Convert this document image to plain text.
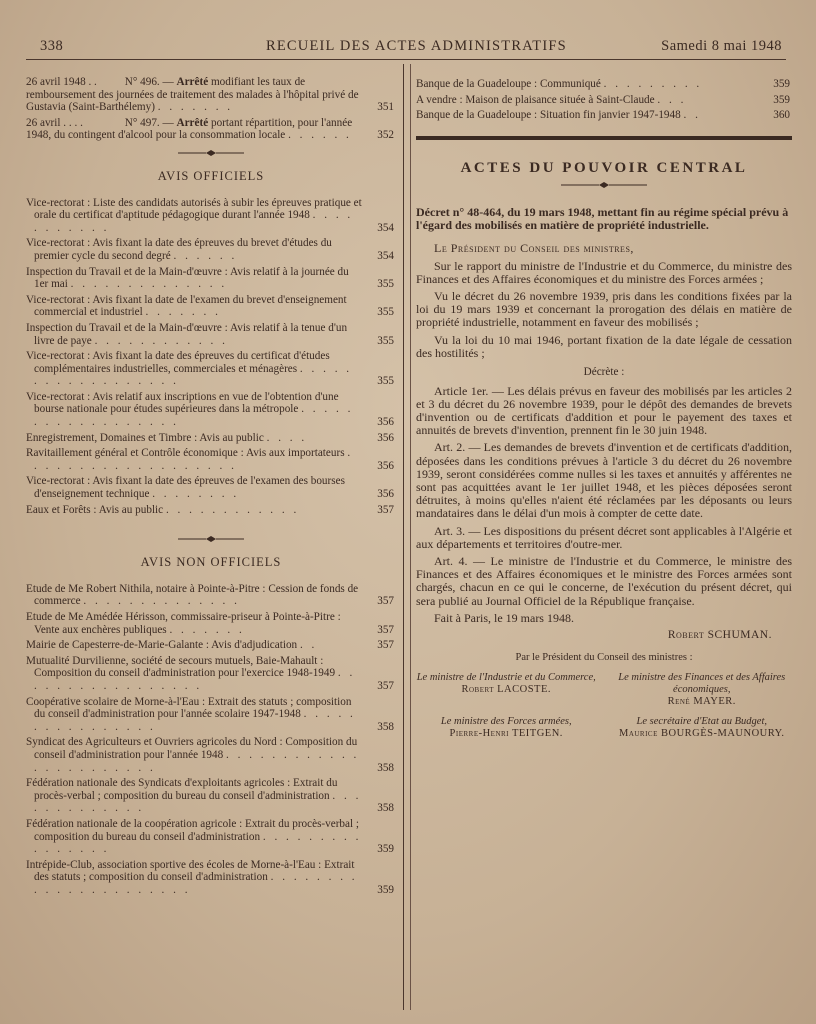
338	RECUEIL DES ACTES ADMINISTRATIFS	Samedi 8 mai 1948
26 avril 1948 . . N° 496. — Arrêté modifiant les taux de remboursement des journées de traitement des malades à l'hôpital privé de Gustavia (Saint-Barthélemy) . . . . . . .	351
26 avril . . . .	N° 497. — Arrêté portant répartition, pour l'année 1948, du contingent d'alcool pour la consommation locale . . . . . .	352
AVIS OFFICIELS
Vice-rectorat : Liste des candidats autorisés à subir les épreuves pratique et orale du certificat d'aptitude pédagogique durant l'année 1948 . . . . . . . . . . .	354
Vice-rectorat : Avis fixant la date des épreuves du brevet d'études du premier cycle du second degré . . . . . .	354
Inspection du Travail et de la Main-d'œuvre : Avis relatif à la journée du 1er mai . . . . . . . . . . . . . .	355
Vice-rectorat : Avis fixant la date de l'examen du brevet d'enseignement commercial et industriel . . . . . . .	355
Inspection du Travail et de la Main-d'œuvre : Avis relatif à la tenue d'un livre de paye . . . . . . . . . . . .	355
Vice-rectorat : Avis fixant la date des épreuves du certificat d'études complémentaires industrielles, commerciales et ménagères . . . . . . . . . . . . . . . . . .	355
Vice-rectorat : Avis relatif aux inscriptions en vue de l'obtention d'une bourse nationale pour études supérieures dans la métropole . . . . . . . . . . . . . . . . . .	356
Enregistrement, Domaines et Timbre : Avis au public . . . .	356
Ravitaillement général et Contrôle économique : Avis aux importateurs . . . . . . . . . . . . . . . . . . .	356
Vice-rectorat : Avis fixant la date des épreuves de l'examen des bourses d'enseignement technique . . . . . . . .	356
Eaux et Forêts : Avis au public . . . . . . . . . . . .	357
AVIS NON OFFICIELS
Etude de Me Robert Nithila, notaire à Pointe-à-Pitre : Cession de fonds de commerce . . . . . . . . . . . . . .	357
Etude de Me Amédée Hérisson, commissaire-priseur à Pointe-à-Pitre : Vente aux enchères publiques . . . . . . .	357
Mairie de Capesterre-de-Marie-Galante : Avis d'adjudication . .	357
Mutualité Durvilienne, société de secours mutuels, Baie-Mahault : Composition du conseil d'administration pour l'exercice 1948-1949 . . . . . . . . . . . . . . . . .	357
Coopérative scolaire de Morne-à-l'Eau : Extrait des statuts ; composition du conseil d'administration pour l'année scolaire 1947-1948 . . . . . . . . . . . . . . . .	358
Syndicat des Agriculteurs et Ouvriers agricoles du Nord : Composition du conseil d'administration pour l'année 1948 . . . . . . . . . . . . . . . . . . . . . . .	358
Fédération nationale des Syndicats d'exploitants agricoles : Extrait du procès-verbal ; composition du bureau du conseil d'administration . . . . . . . . . . . . .	358
Fédération nationale de la coopération agricole : Extrait du procès-verbal ; composition du bureau du conseil d'administration . . . . . . . . . . . . . . . .	359
Intrépide-Club, association sportive des écoles de Morne-à-l'Eau : Extrait des statuts ; composition du conseil d'administration . . . . . . . . . . . . . . . . . . . . . .	359
Banque de la Guadeloupe : Communiqué . . . . . . . . .	359
A vendre : Maison de plaisance située à Saint-Claude . . .	359
Banque de la Guadeloupe : Situation fin janvier 1947-1948 . .	360
ACTES DU POUVOIR CENTRAL
Décret n° 48-464, du 19 mars 1948, mettant fin au régime spécial prévu à l'égard des mobilisés en matière de propriété industrielle.
Le Président du Conseil des ministres,
Sur le rapport du ministre de l'Industrie et du Commerce, du ministre des Finances et des Affaires économiques et du ministre des Forces armées ;
Vu le décret du 26 novembre 1939, pris dans les conditions fixées par la loi du 19 mars 1939 et concernant la prorogation des délais en matière de propriété industrielle, notamment en faveur des mobilisés ;
Vu la loi du 10 mai 1946, portant fixation de la date légale de cessation des hostilités ;
Décrète :
Article 1er. — Les délais prévus en faveur des mobilisés par les articles 2 et 3 du décret du 26 novembre 1939, pour le dépôt des demandes de brevets d'invention ou de certificats d'addition et pour le payement des taxes et annuités de brevets d'invention, prennent fin le 30 juin 1948.
Art. 2. — Les demandes de brevets d'invention et de certificats d'addition, déposées dans les conditions prévues à l'article 3 du décret du 26 novembre 1939, seront considérées comme nulles si les taxes et annuités y afférentes ne sont pas acquittées avant le 1er juillet 1948, et les pièces déposées seront détruites, à moins qu'elles n'aient été réclamées par les déposants ou leurs mandataires dans le délai d'un mois à compter de cette date.
Art. 3. — Les dispositions du présent décret sont applicables à l'Algérie et aux départements et territoires d'outre-mer.
Art. 4. — Le ministre de l'Industrie et du Commerce, le ministre des Finances et des Affaires économiques et le ministre des Forces armées sont chargés, chacun en ce qui le concerne, de l'exécution du présent décret, qui sera publié au Journal Officiel de la République française.
Fait à Paris, le 19 mars 1948.
Robert SCHUMAN.
Par le Président du Conseil des ministres :
Le ministre de l'Industrie et du Commerce,
Robert LACOSTE.
Le ministre des Finances et des Affaires économiques,
René MAYER.
Le ministre des Forces armées,
Pierre-Henri TEITGEN.
Le secrétaire d'Etat au Budget,
Maurice BOURGÈS-MAUNOURY.
